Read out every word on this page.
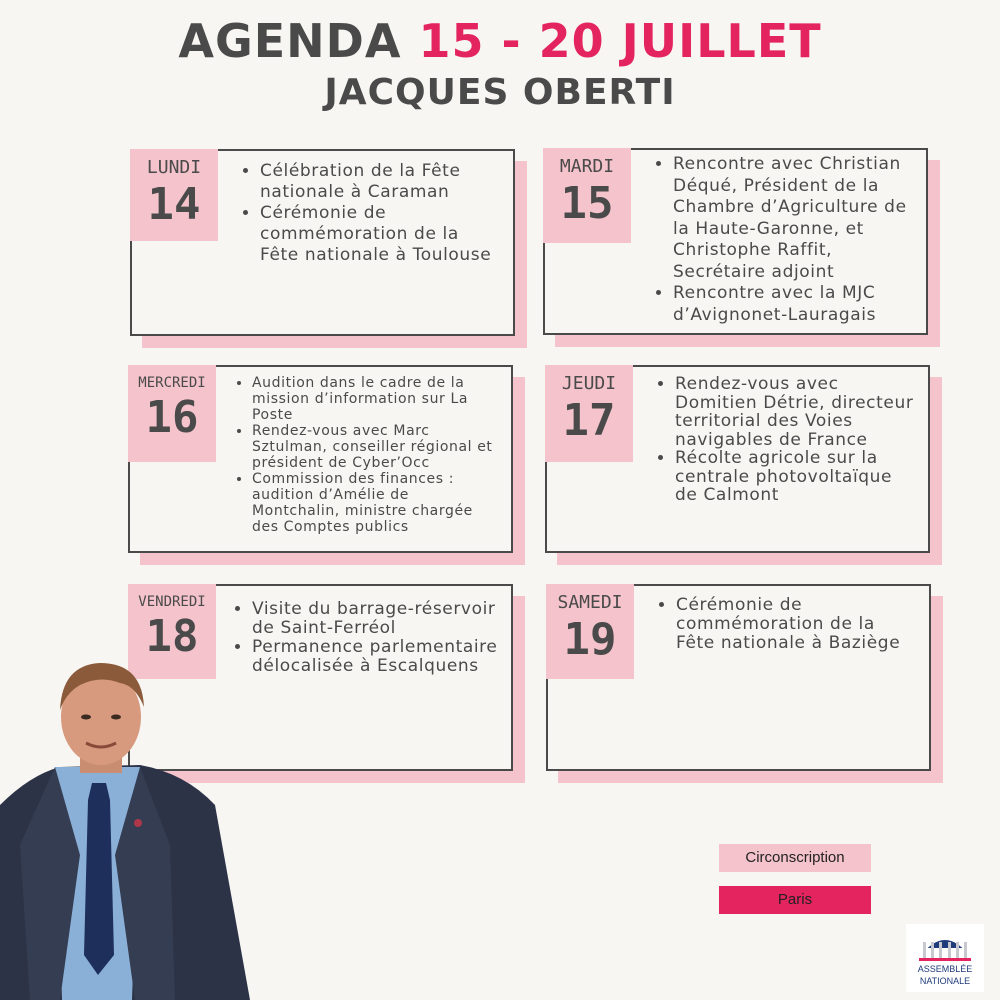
AGENDA 15 - 20 JUILLET
JACQUES OBERTI
LUNDI
14
• Célébration de la Fête nationale à Caraman
• Cérémonie de commémoration de la Fête nationale à Toulouse
MARDI
15
• Rencontre avec Christian Déqué, Président de la Chambre d’Agriculture de la Haute-Garonne, et Christophe Raffit, Secrétaire adjoint
• Rencontre avec la MJC d’Avignonet-Lauragais
MERCREDI
16
• Audition dans le cadre de la mission d’information sur La Poste
• Rendez-vous avec Marc Sztulman, conseiller régional et président de Cyber’Occ
• Commission des finances : audition d’Amélie de Montchalin, ministre chargée des Comptes publics
JEUDI
17
• Rendez-vous avec Domitien Détrie, directeur territorial des Voies navigables de France
• Récolte agricole sur la centrale photovoltaïque de Calmont
VENDREDI
18
• Visite du barrage-réservoir de Saint-Ferréol
• Permanence parlementaire délocalisée à Escalquens
SAMEDI
19
• Cérémonie de commémoration de la Fête nationale à Baziège
Circonscription
Paris
ASSEMBLÉE
NATIONALE
